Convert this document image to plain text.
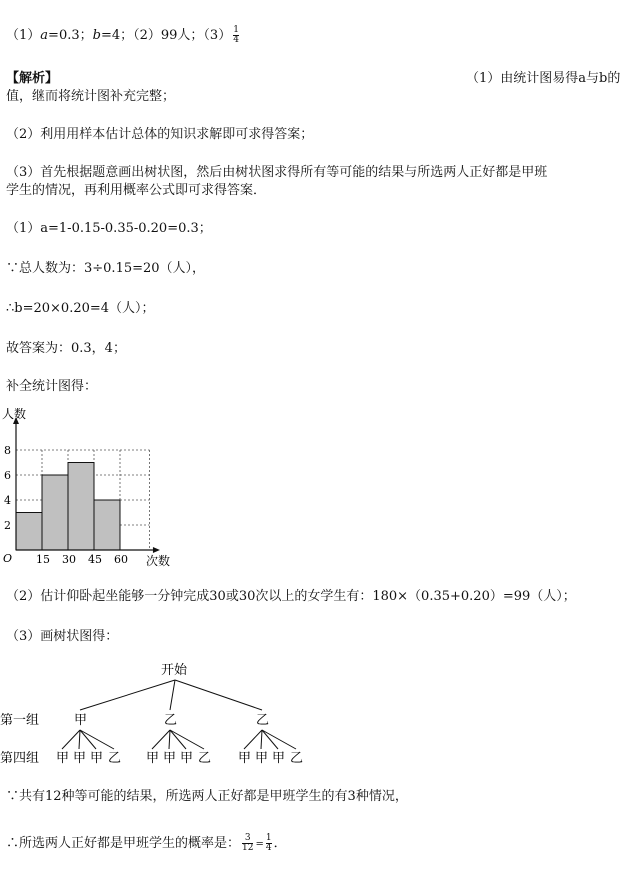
（1）a=0.3；b=4；（2）99人；$(3) \frac{1}{4}$
【解析】	（1）由统计图易得a与b的
值，继而将统计图补充完整；
（2）利用用样本估计总体的知识求解即可求得答案；
（3）首先根据题意画出树状图，然后由树状图求得所有等可能的结果与所选两人正好都是甲班
学生的情况，再利用概率公式即可求得答案．
（1）a=1-0.15-0.35-0.20=0.3；
∵总人数为：3÷0.15=20（人），
∴b=20×0.20=4（人）；
故答案为：0.3，4；
补全统计图得：
2
4
6
8
15 30 45 60
O
人数
次数
（2）估计仰卧起坐能够一分钟完成30或30次以上的女学生有：180×（0.35+0.20）=99（人）；
（3）画树状图得：
开始
第一组
第四组
甲
甲 甲 甲 乙
乙
甲 甲 甲 乙
乙
甲 甲 甲 乙
∵共有12种等可能的结果，所选两人正好都是甲班学生的有3种情况，
∴所选两人正好都是甲班学生的概率是： $\frac{3}{12} = \frac{1}{4}$ ．
